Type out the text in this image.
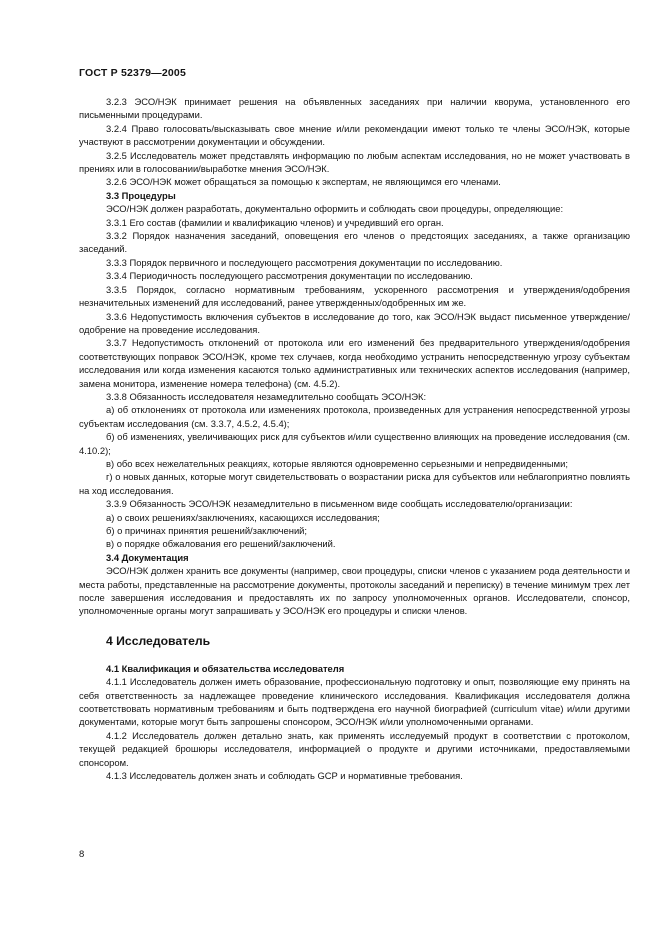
ГОСТ Р 52379—2005

3.2.3 ЭСО/НЭК принимает решения на объявленных заседаниях при наличии кворума, установленного его письменными процедурами.

3.2.4 Право голосовать/высказывать свое мнение и/или рекомендации имеют только те члены ЭСО/НЭК, которые участвуют в рассмотрении документации и обсуждении.

3.2.5 Исследователь может представлять информацию по любым аспектам исследования, но не может участвовать в прениях или в голосовании/выработке мнения ЭСО/НЭК.

3.2.6 ЭСО/НЭК может обращаться за помощью к экспертам, не являющимся его членами.

3.3 Процедуры

ЭСО/НЭК должен разработать, документально оформить и соблюдать свои процедуры, определяющие:

3.3.1 Его состав (фамилии и квалификацию членов) и учредивший его орган.

3.3.2 Порядок назначения заседаний, оповещения его членов о предстоящих заседаниях, а также организацию заседаний.

3.3.3 Порядок первичного и последующего рассмотрения документации по исследованию.

3.3.4 Периодичность последующего рассмотрения документации по исследованию.

3.3.5 Порядок, согласно нормативным требованиям, ускоренного рассмотрения и утверждения/одобрения незначительных изменений для исследований, ранее утвержденных/одобренных им же.

3.3.6 Недопустимость включения субъектов в исследование до того, как ЭСО/НЭК выдаст письменное утверждение/одобрение на проведение исследования.

3.3.7 Недопустимость отклонений от протокола или его изменений без предварительного утверждения/одобрения соответствующих поправок ЭСО/НЭК, кроме тех случаев, когда необходимо устранить непосредственную угрозу субъектам исследования или когда изменения касаются только административных или технических аспектов исследования (например, замена монитора, изменение номера телефона) (см. 4.5.2).

3.3.8 Обязанность исследователя незамедлительно сообщать ЭСО/НЭК:

а) об отклонениях от протокола или изменениях протокола, произведенных для устранения непосредственной угрозы субъектам исследования (см. 3.3.7, 4.5.2, 4.5.4);

б) об изменениях, увеличивающих риск для субъектов и/или существенно влияющих на проведение исследования (см. 4.10.2);

в) обо всех нежелательных реакциях, которые являются одновременно серьезными и непредвиденными;

г) о новых данных, которые могут свидетельствовать о возрастании риска для субъектов или неблагоприятно повлиять на ход исследования.

3.3.9 Обязанность ЭСО/НЭК незамедлительно в письменном виде сообщать исследователю/организации:

а) о своих решениях/заключениях, касающихся исследования;

б) о причинах принятия решений/заключений;

в) о порядке обжалования его решений/заключений.

3.4 Документация

ЭСО/НЭК должен хранить все документы (например, свои процедуры, списки членов с указанием рода деятельности и места работы, представленные на рассмотрение документы, протоколы заседаний и переписку) в течение минимум трех лет после завершения исследования и предоставлять их по запросу уполномоченных органов. Исследователи, спонсор, уполномоченные органы могут запрашивать у ЭСО/НЭК его процедуры и списки членов.

4 Исследователь

4.1 Квалификация и обязательства исследователя

4.1.1 Исследователь должен иметь образование, профессиональную подготовку и опыт, позволяющие ему принять на себя ответственность за надлежащее проведение клинического исследования. Квалификация исследователя должна соответствовать нормативным требованиям и быть подтверждена его научной биографией (curriculum vitae) и/или другими документами, которые могут быть запрошены спонсором, ЭСО/НЭК и/или уполномоченными органами.

4.1.2 Исследователь должен детально знать, как применять исследуемый продукт в соответствии с протоколом, текущей редакцией брошюры исследователя, информацией о продукте и другими источниками, предоставляемыми спонсором.

4.1.3 Исследователь должен знать и соблюдать GCP и нормативные требования.

8
